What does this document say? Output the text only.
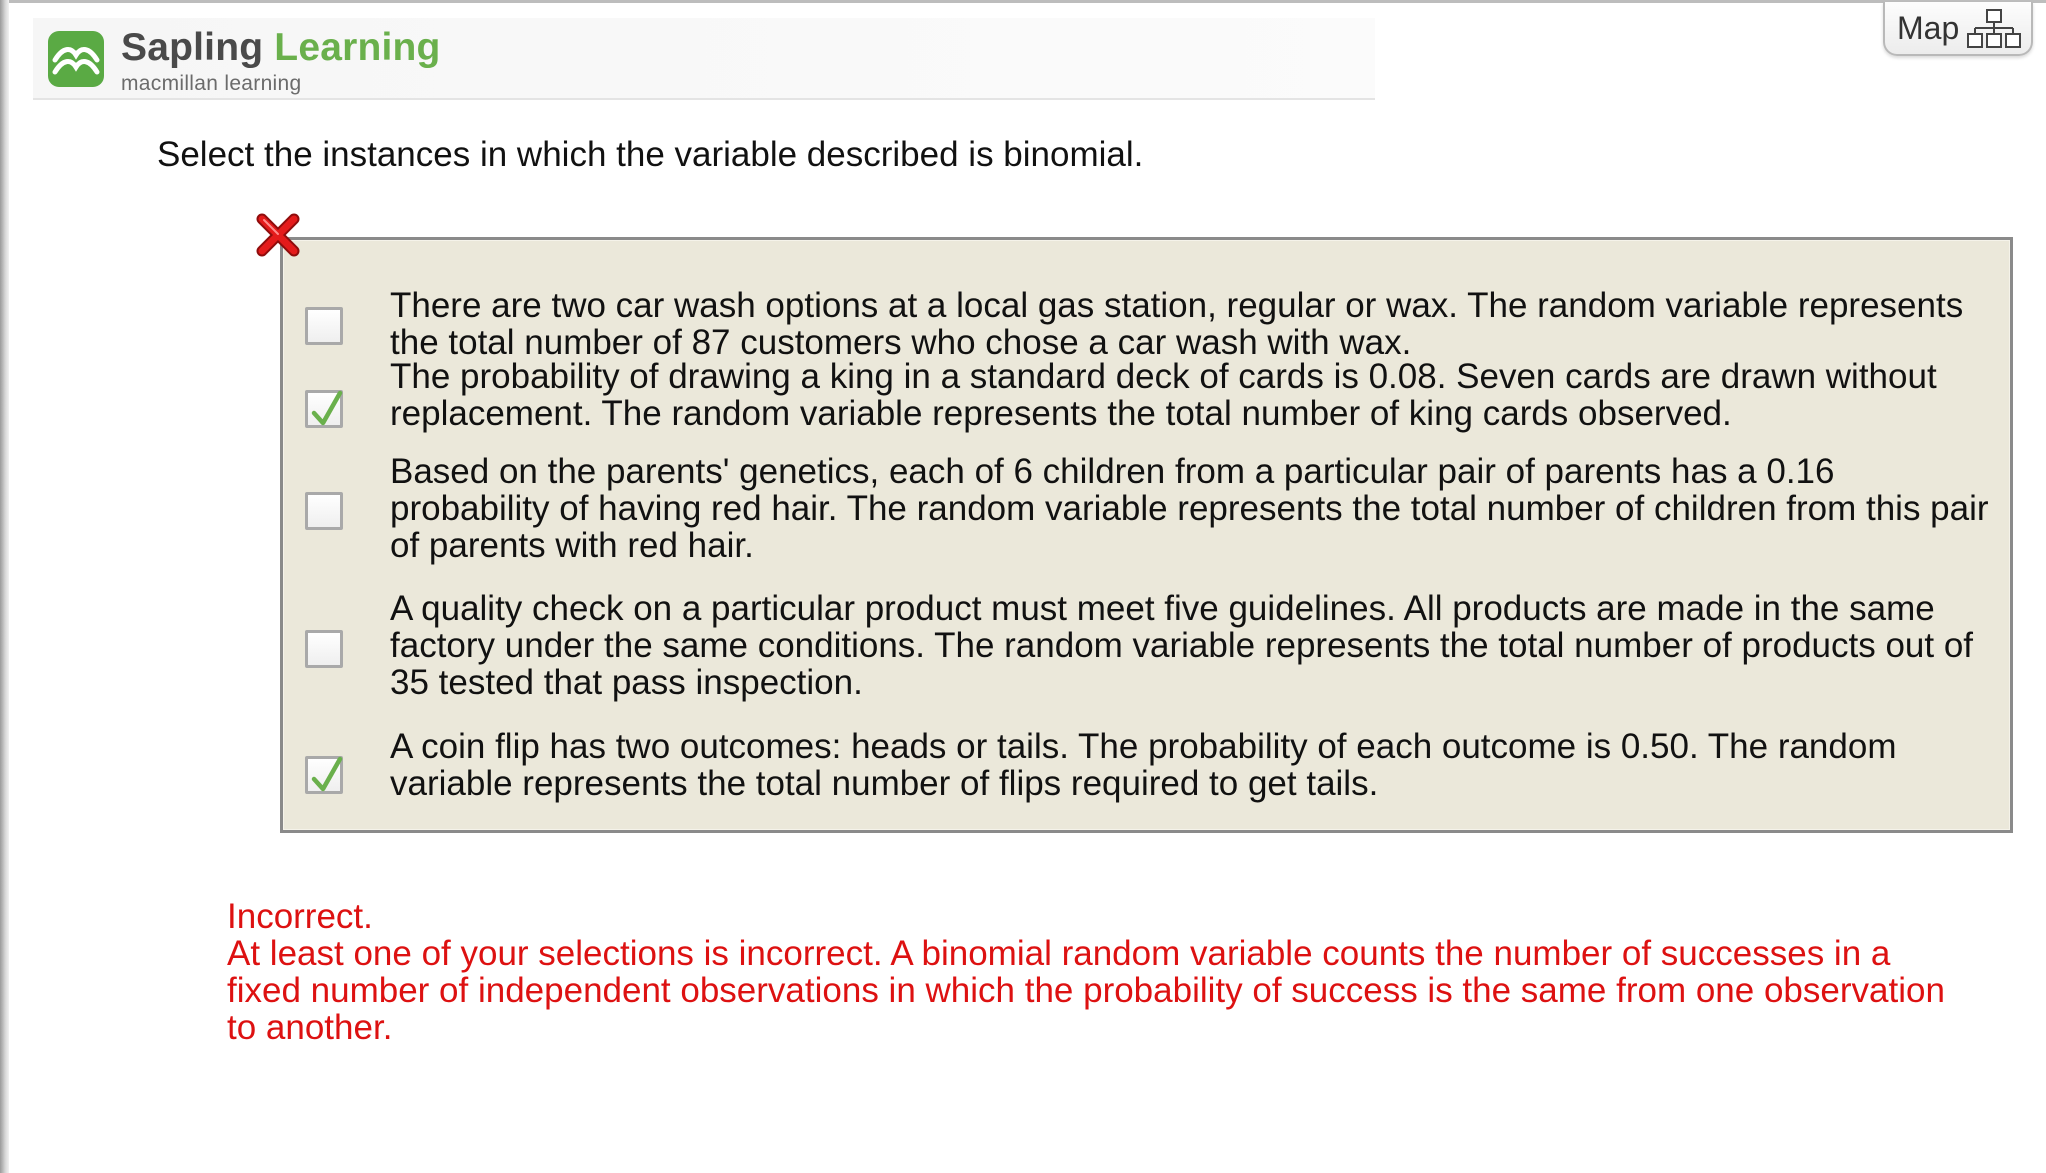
Sapling Learning
macmillan learning
Map
Select the instances in which the variable described is binomial.
There are two car wash options at a local gas station, regular or wax. The random variable represents the total number of 87 customers who chose a car wash with wax.
The probability of drawing a king in a standard deck of cards is 0.08. Seven cards are drawn without replacement. The random variable represents the total number of king cards observed.
Based on the parents' genetics, each of 6 children from a particular pair of parents has a 0.16 probability of having red hair. The random variable represents the total number of children from this pair of parents with red hair.
A quality check on a particular product must meet five guidelines. All products are made in the same factory under the same conditions. The random variable represents the total number of products out of 35 tested that pass inspection.
A coin flip has two outcomes: heads or tails. The probability of each outcome is 0.50. The random variable represents the total number of flips required to get tails.
Incorrect.
At least one of your selections is incorrect. A binomial random variable counts the number of successes in a fixed number of independent observations in which the probability of success is the same from one observation to another.
